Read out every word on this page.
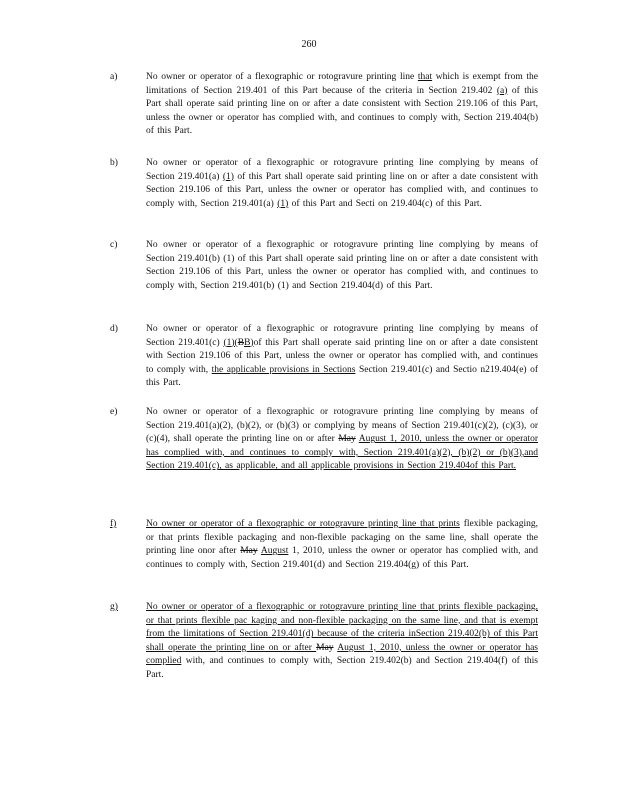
260
a)	No owner or operator of a flexographic or rotogravure printing line that which is exempt from the limitations of Section 219.401 of this Part because of the criteria in Section 219.402 (a) of this Part shall operate said printing line on or after a date consistent with Section 219.106 of this Part, unless the owner or operator has complied with, and continues to comply with, Section 219.404(b) of this Part.
b)	No owner or operator of a flexographic or rotogravure printing line complying by means of Section 219.401(a) (1) of this Part shall operate said printing line on or after a date consistent with Section 219.106 of this Part, unless the owner or operator has complied with, and continues to comply with, Section 219.401(a) (1) of this Part and Secti on 219.404(c) of this Part.
c)	No owner or operator of a flexographic or rotogravure printing line complying by means of Section 219.401(b) (1) of this Part shall operate said printing line on or after a date consistent with Section 219.106 of this Part, unless the owner or operator has complied with, and continues to comply with, Section 219.401(b) (1) and Section 219.404(d) of this Part.
d)	No owner or operator of a flexographic or rotogravure printing line complying by means of Section 219.401(c) (1)(BB)of this Part shall operate said printing line on or after a date consistent with Section 219.106 of this Part, unless the owner or operator has complied with, and continues to comply with, the applicable provisions in Sections Section 219.401(c) and Sectio n219.404(e) of this Part.
e)	No owner or operator of a flexographic or rotogravure printing line complying by means of Section 219.401(a)(2), (b)(2), or (b)(3) or complying by means of Section 219.401(c)(2), (c)(3), or (c)(4), shall operate the printing line on or after May August 1, 2010, unless the owner or operator has complied with, and continues to comply with, Section 219.401(a)(2), (b)(2) or (b)(3),and Section 219.401(c), as applicable, and all applicable provisions in Section 219.404of this Part.
f)	No owner or operator of a flexographic or rotogravure printing line that prints flexible packaging, or that prints flexible packaging and non-flexible packaging on the same line, shall operate the printing line onor after May August 1, 2010, unless the owner or operator has complied with, and continues to comply with, Section 219.401(d) and Section 219.404(g) of this Part.
g)	No owner or operator of a flexographic or rotogravure printing line that prints flexible packaging, or that prints flexible pac kaging and non-flexible packaging on the same line, and that is exempt from the limitations of Section 219.401(d) because of the criteria inSection 219.402(b) of this Part shall operate the printing line on or after May August 1, 2010, unless the owner or operator has complied with, and continues to comply with, Section 219.402(b) and Section 219.404(f) of this Part.
